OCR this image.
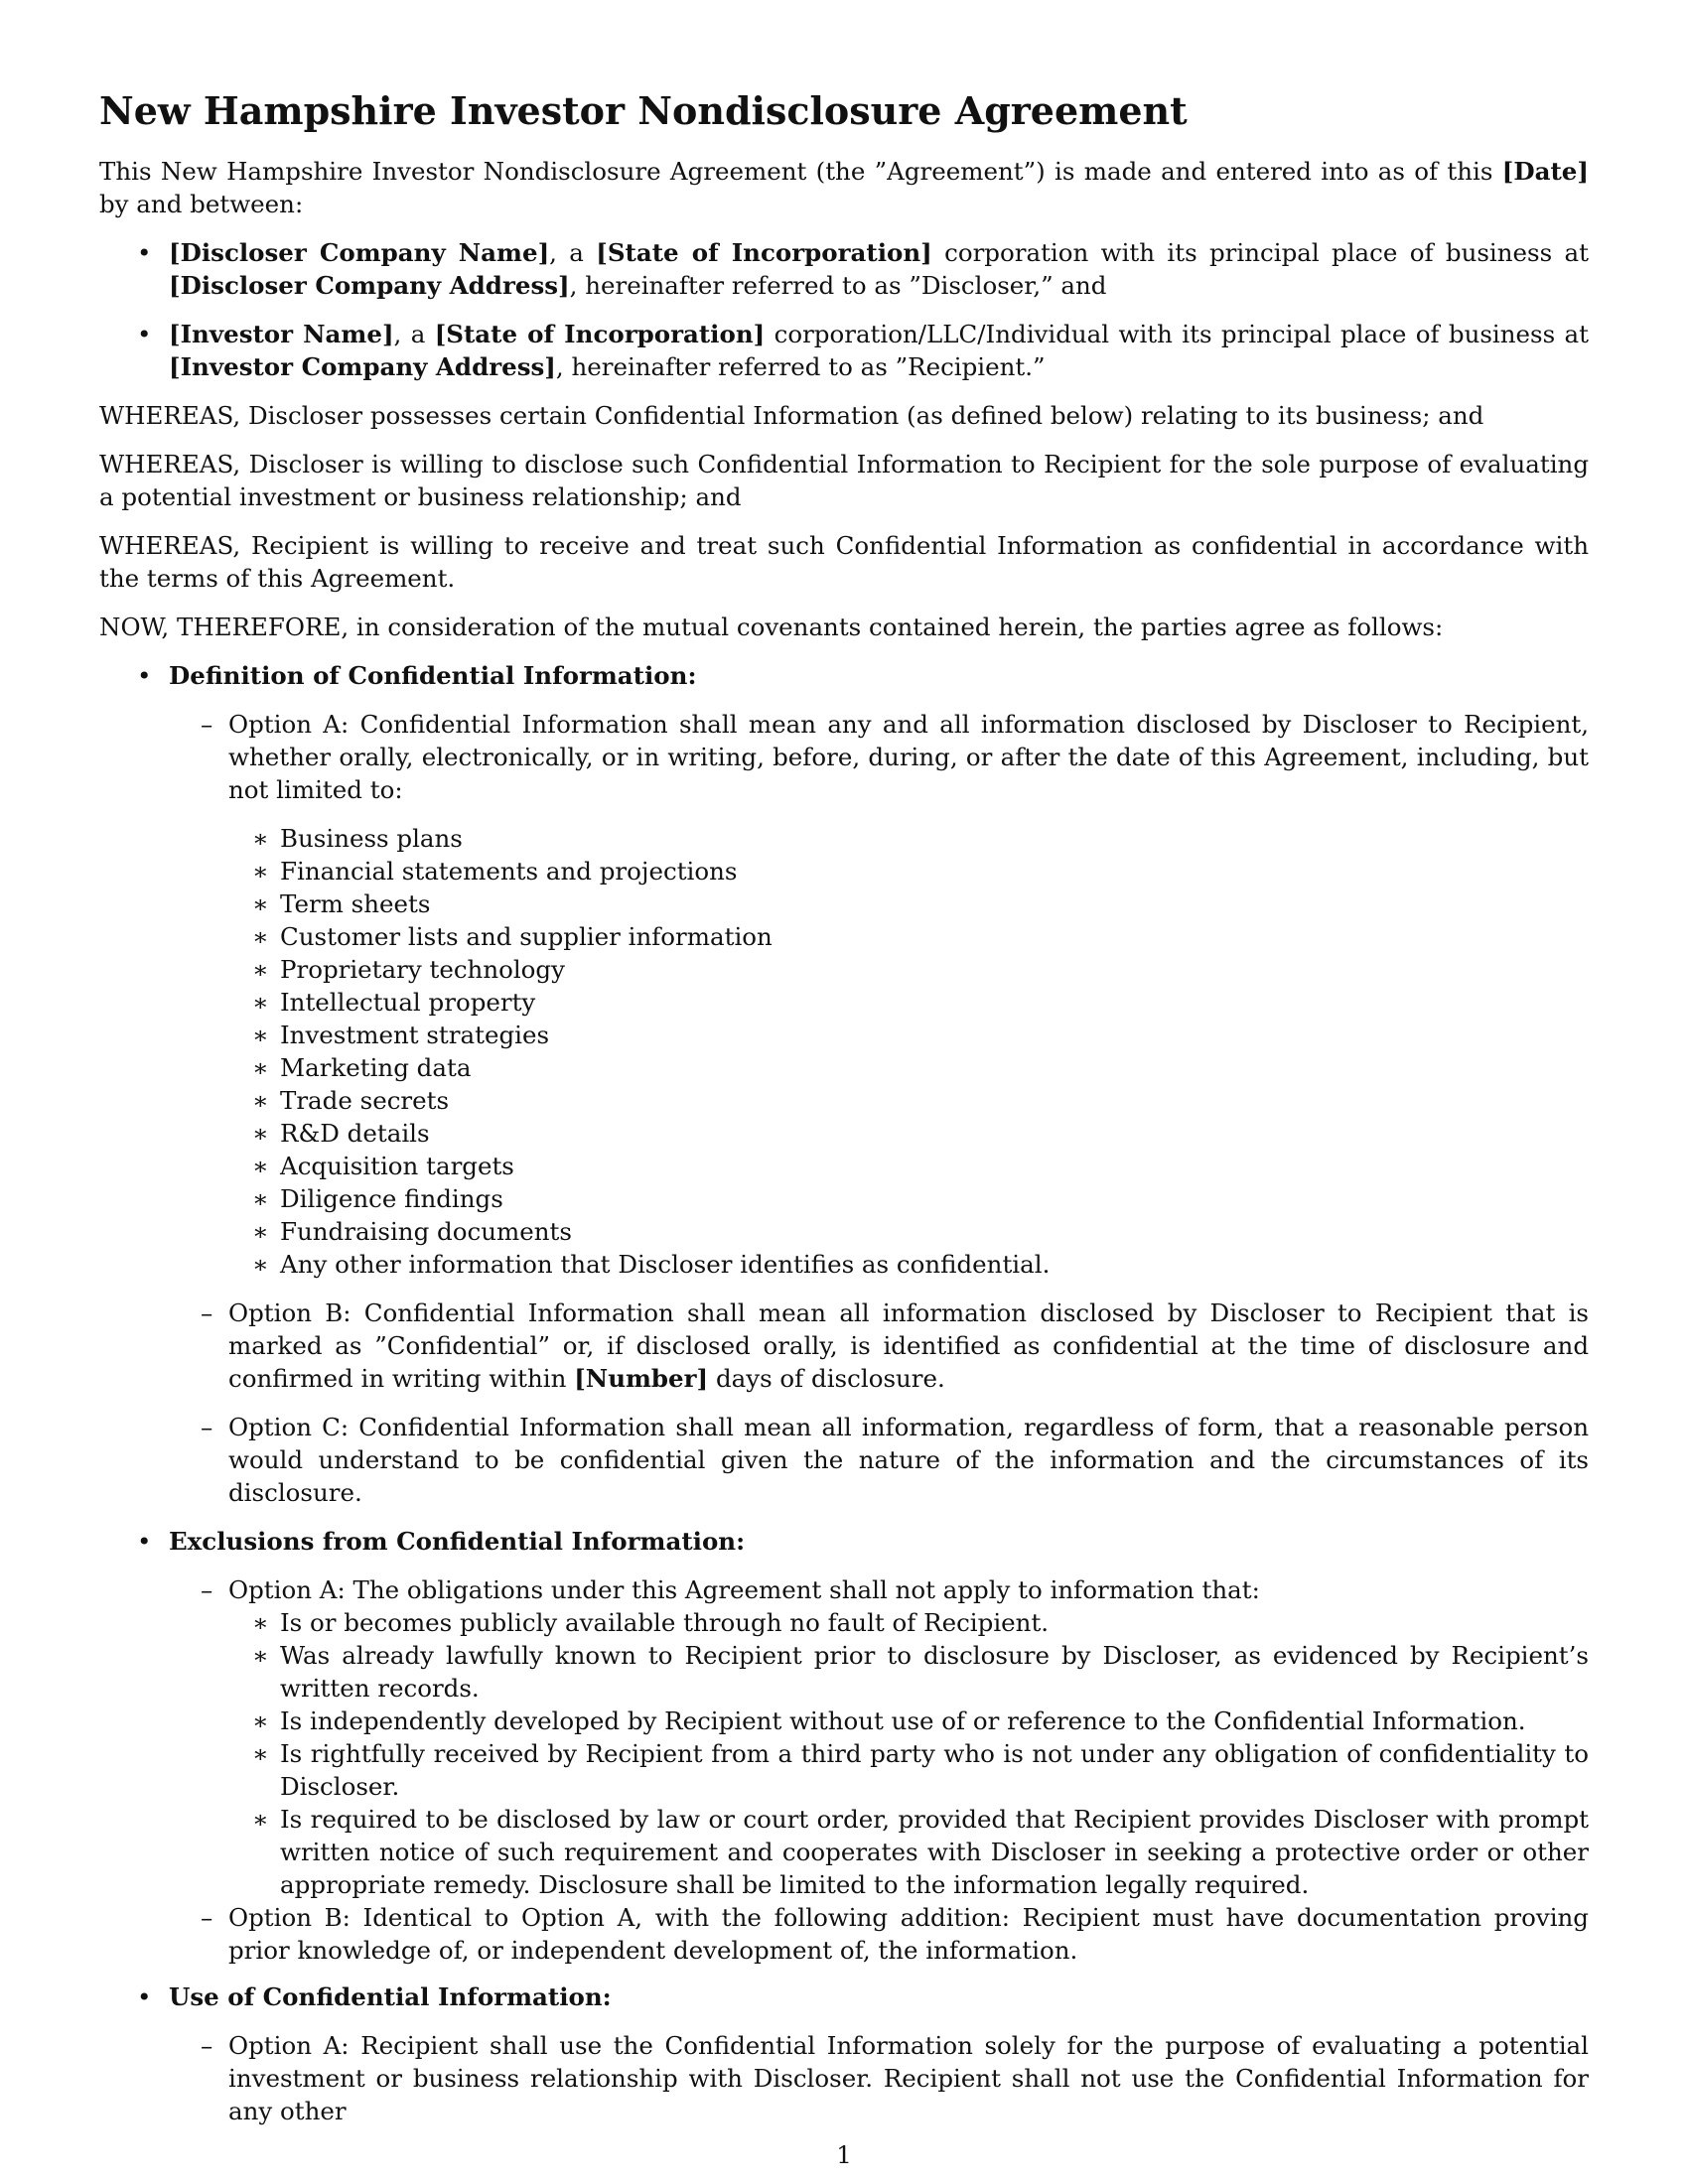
New Hampshire Investor Nondisclosure Agreement

This New Hampshire Investor Nondisclosure Agreement (the ”Agreement”) is made and entered into as of this [Date] by and between:

• [Discloser Company Name], a [State of Incorporation] corporation with its principal place of business at [Discloser Company Address], hereinafter referred to as ”Discloser,” and
• [Investor Name], a [State of Incorporation] corporation/LLC/Individual with its principal place of business at [Investor Company Address], hereinafter referred to as ”Recipient.”

WHEREAS, Discloser possesses certain Confidential Information (as defined below) relating to its business; and

WHEREAS, Discloser is willing to disclose such Confidential Information to Recipient for the sole purpose of evaluating a potential investment or business relationship; and

WHEREAS, Recipient is willing to receive and treat such Confidential Information as confidential in accordance with the terms of this Agreement.

NOW, THEREFORE, in consideration of the mutual covenants contained herein, the parties agree as follows:

• Definition of Confidential Information:
– Option A: Confidential Information shall mean any and all information disclosed by Discloser to Recipient, whether orally, electronically, or in writing, before, during, or after the date of this Agreement, including, but not limited to:
∗ Business plans
∗ Financial statements and projections
∗ Term sheets
∗ Customer lists and supplier information
∗ Proprietary technology
∗ Intellectual property
∗ Investment strategies
∗ Marketing data
∗ Trade secrets
∗ R&D details
∗ Acquisition targets
∗ Diligence findings
∗ Fundraising documents
∗ Any other information that Discloser identifies as confidential.
– Option B: Confidential Information shall mean all information disclosed by Discloser to Recipient that is marked as ”Confidential” or, if disclosed orally, is identified as confidential at the time of disclosure and confirmed in writing within [Number] days of disclosure.
– Option C: Confidential Information shall mean all information, regardless of form, that a reasonable person would understand to be confidential given the nature of the information and the circumstances of its disclosure.
• Exclusions from Confidential Information:
– Option A: The obligations under this Agreement shall not apply to information that:
∗ Is or becomes publicly available through no fault of Recipient.
∗ Was already lawfully known to Recipient prior to disclosure by Discloser, as evidenced by Recipient’s written records.
∗ Is independently developed by Recipient without use of or reference to the Confidential Information.
∗ Is rightfully received by Recipient from a third party who is not under any obligation of confidentiality to Discloser.
∗ Is required to be disclosed by law or court order, provided that Recipient provides Discloser with prompt written notice of such requirement and cooperates with Discloser in seeking a protective order or other appropriate remedy. Disclosure shall be limited to the information legally required.
– Option B: Identical to Option A, with the following addition: Recipient must have documentation proving prior knowledge of, or independent development of, the information.
• Use of Confidential Information:
– Option A: Recipient shall use the Confidential Information solely for the purpose of evaluating a potential investment or business relationship with Discloser. Recipient shall not use the Confidential Information for any other
1
